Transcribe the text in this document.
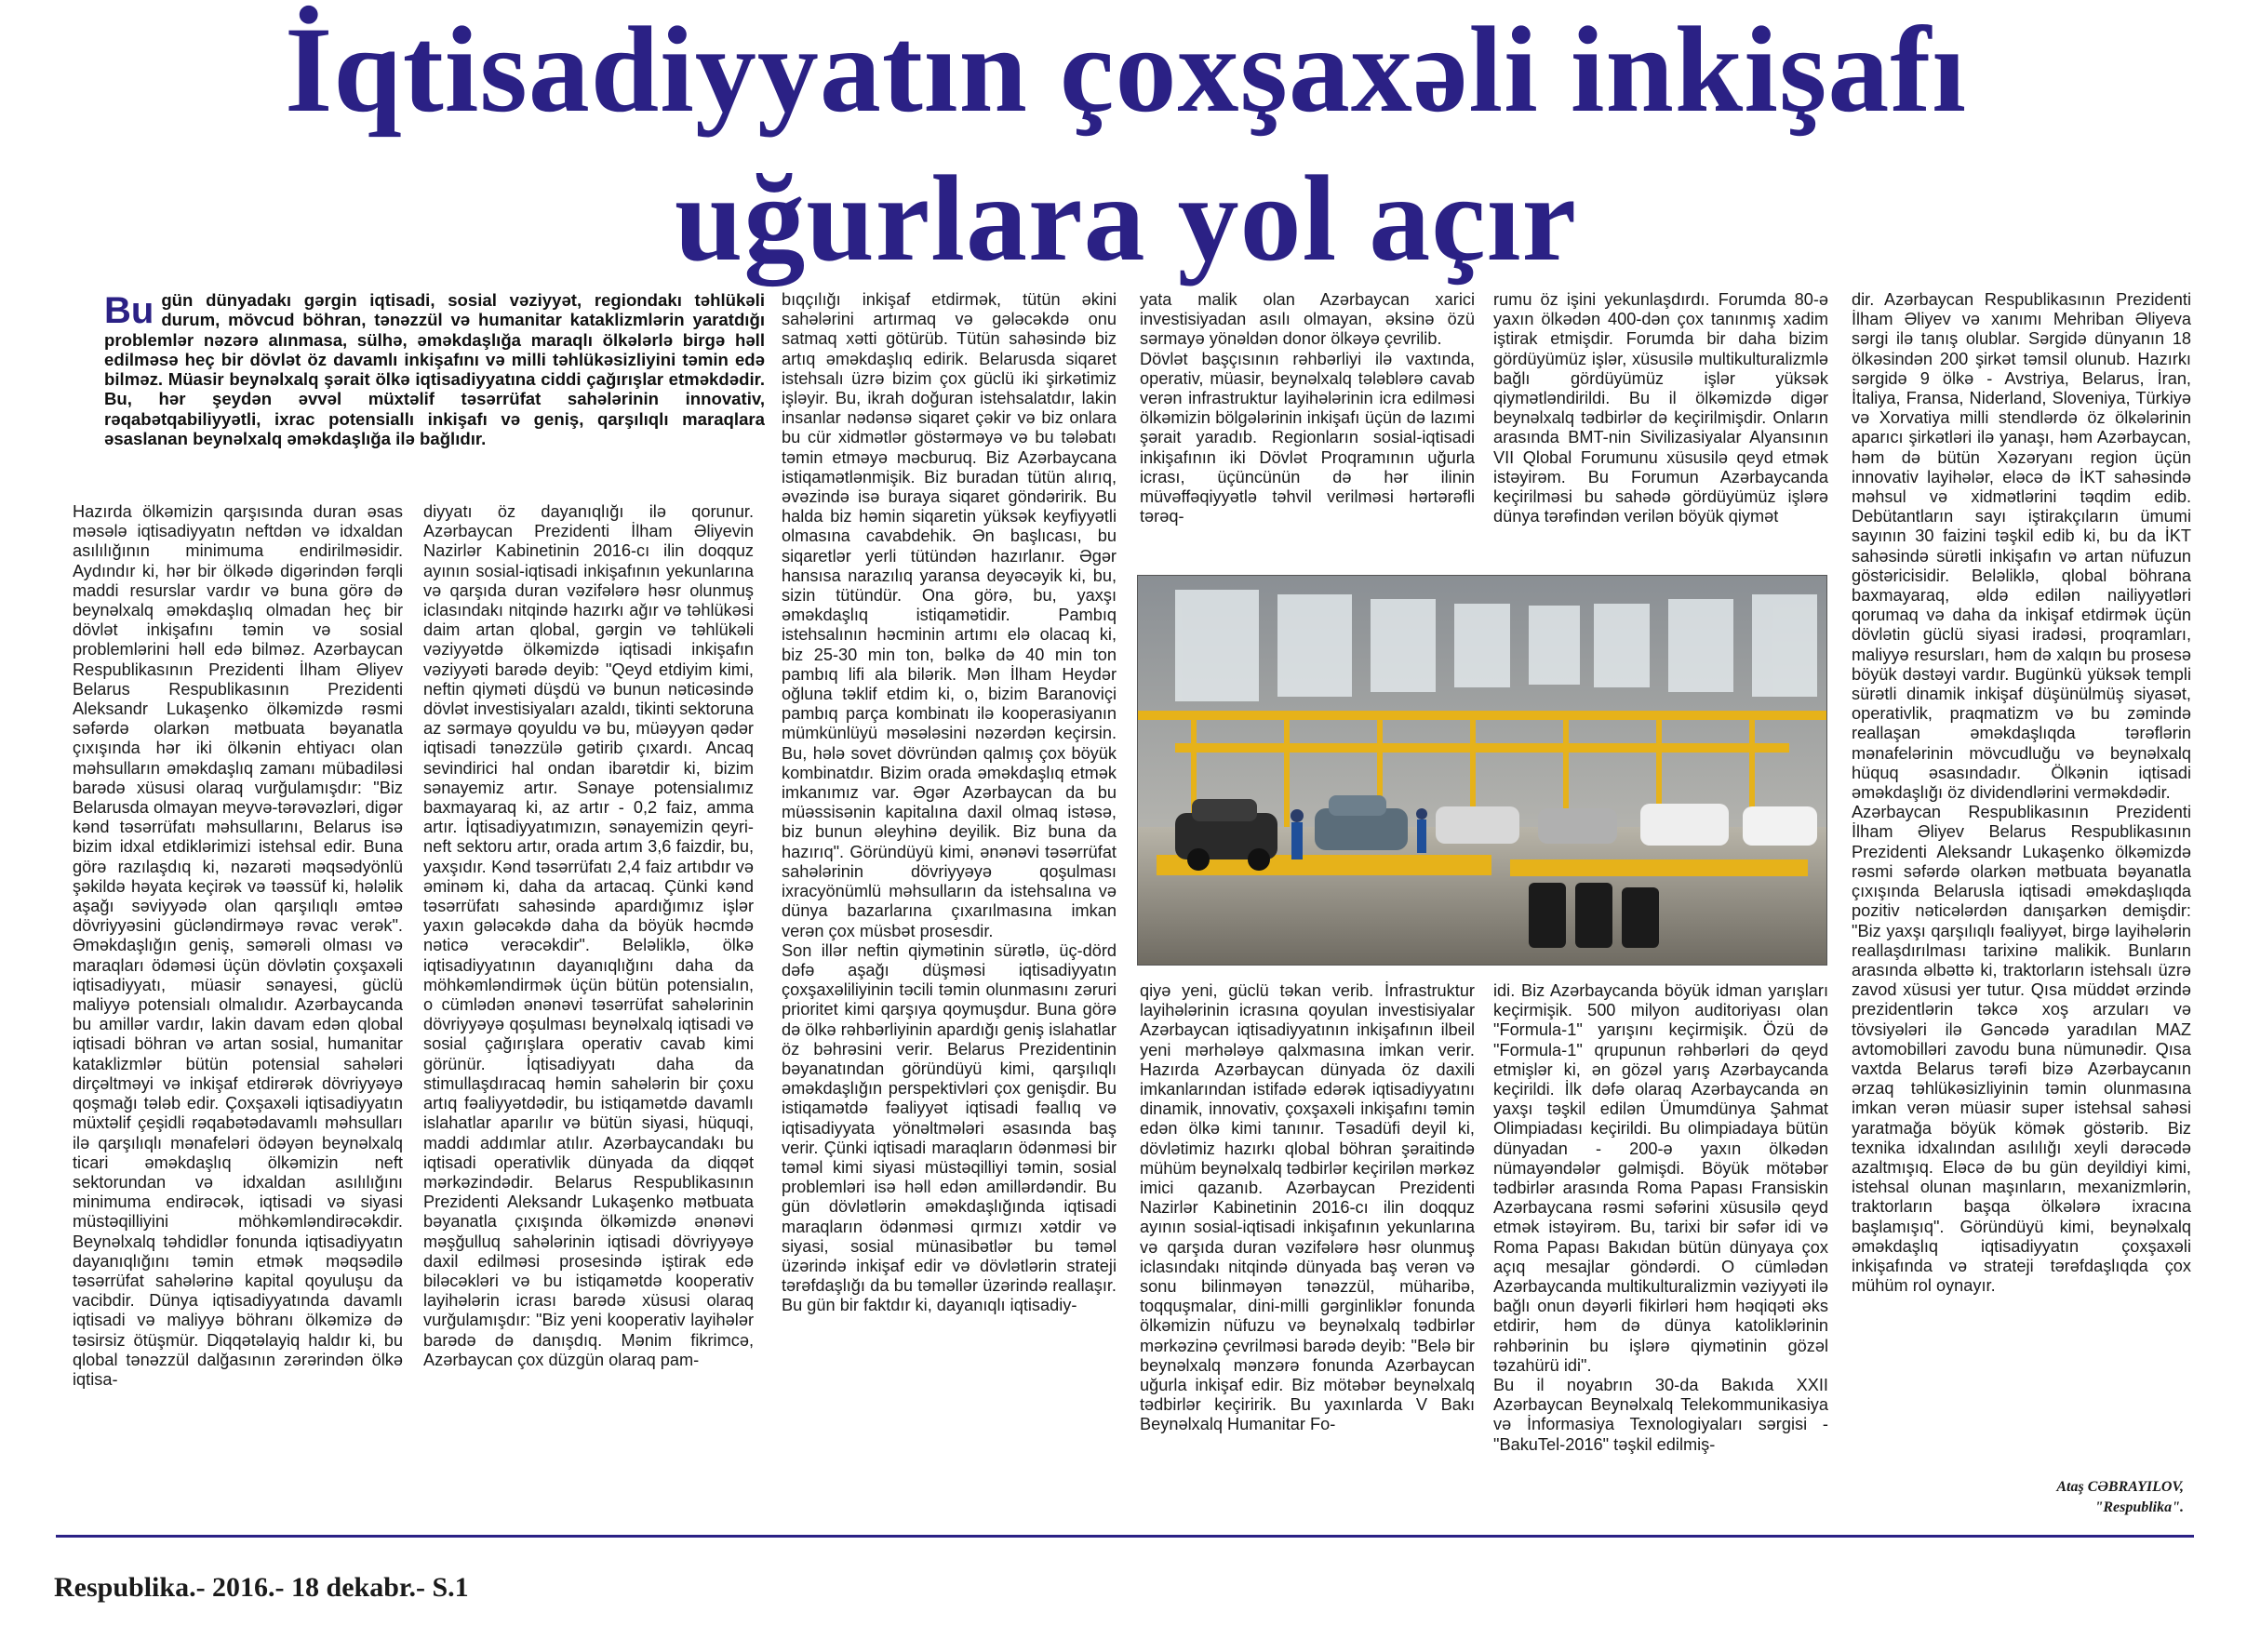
İqtisadiyyatın çoxşaxəli inkişafı
uğurlara yol açır
Bu gün dünyadakı gərgin iqtisadi, sosial vəziyyət, regiondakı təhlükəli durum, mövcud böhran, tənəzzül və humanitar kataklizmlərin yaratdığı problemlər nəzərə alınmasa, sülhə, əməkdaşlığa maraqlı ölkələrlə birgə həll edilməsə heç bir dövlət öz davamlı inkişafını və milli təhlükəsizliyini təmin edə bilməz. Müasir beynəlxalq şərait ölkə iqtisadiyyatına ciddi çağırışlar etməkdədir. Bu, hər şeydən əvvəl müxtəlif təsərrüfat sahələrinin innovativ, rəqabətqabiliyyətli, ixrac potensiallı inkişafı və geniş, qarşılıqlı maraqlara əsaslanan beynəlxalq əməkdaşlığa ilə bağlıdır.
Hazırda ölkəmizin qarşısında duran əsas məsələ iqtisadiyyatın neftdən və idxaldan asılılığının minimuma endirilməsidir. Aydındır ki, hər bir ölkədə digərindən fərqli maddi resurslar vardır və buna görə də beynəlxalq əməkdaşlıq olmadan heç bir dövlət inkişafını təmin və sosial problemlərini həll edə bilməz. Azərbaycan Respublikasının Prezidenti İlham Əliyev Belarus Respublikasının Prezidenti Aleksandr Lukaşenko ölkəmizdə rəsmi səfərdə olarkən mətbuata bəyanatla çıxışında hər iki ölkənin ehtiyacı olan məhsulların əməkdaşlıq zamanı mübadiləsi barədə xüsusi olaraq vurğulamışdır: "Biz Belarusda olmayan meyvə-tərəvəzləri, digər kənd təsərrüfatı məhsullarını, Belarus isə bizim idxal etdiklərimizi istehsal edir. Buna görə razılaşdıq ki, nəzarəti məqsədyönlü şəkildə həyata keçirək və təəssüf ki, hələlik aşağı səviyyədə olan qarşılıqlı əmtəə dövriyyəsini gücləndirməyə rəvac verək". Əməkdaşlığın geniş, səmərəli olması və maraqları ödəməsi üçün dövlətin çoxşaxəli iqtisadiyyatı, müasir sənayesi, güclü maliyyə potensialı olmalıdır. Azərbaycanda bu amillər vardır, lakin davam edən qlobal iqtisadi böhran və artan sosial, humanitar kataklizmlər bütün potensial sahələri dirçəltməyi və inkişaf etdirərək dövriyyəyə qoşmağı tələb edir. Çoxşaxəli iqtisadiyyatın müxtəlif çeşidli rəqabətədavamlı məhsulları ilə qarşılıqlı mənafeləri ödəyən beynəlxalq ticari əməkdaşlıq ölkəmizin neft sektorundan və idxaldan asılılığını minimuma endirəcək, iqtisadi və siyasi müstəqilliyini möhkəmləndirəcəkdir. Beynəlxalq təhdidlər fonunda iqtisadiyyatın dayanıqlığını təmin etmək məqsədilə təsərrüfat sahələrinə kapital qoyuluşu da vacibdir. Dünya iqtisadiyyatında davamlı iqtisadi və maliyyə böhranı ölkəmizə də təsirsiz ötüşmür. Diqqətəlayiq haldır ki, bu qlobal tənəzzül dalğasının zərərindən ölkə iqtisa-
diyyatı öz dayanıqlığı ilə qorunur. Azərbaycan Prezidenti İlham Əliyevin Nazirlər Kabinetinin 2016-cı ilin doqquz ayının sosial-iqtisadi inkişafının yekunlarına və qarşıda duran vəzifələrə həsr olunmuş iclasındakı nitqində hazırkı ağır və təhlükəsi daim artan qlobal, gərgin və təhlükəli vəziyyətdə ölkəmizdə iqtisadi inkişafın vəziyyəti barədə deyib: "Qeyd etdiyim kimi, neftin qiyməti düşdü və bunun nəticəsində dövlət investisiyaları azaldı, tikinti sektoruna az sərmayə qoyuldu və bu, müəyyən qədər iqtisadi tənəzzülə gətirib çıxardı. Ancaq sevindirici hal ondan ibarətdir ki, bizim sənayemiz artır. Sənaye potensialımız baxmayaraq ki, az artır - 0,2 faiz, amma artır. İqtisadiyyatımızın, sənayemizin qeyri-neft sektoru artır, orada artım 3,6 faizdir, bu, yaxşıdır. Kənd təsərrüfatı 2,4 faiz artıbdır və əminəm ki, daha da artacaq. Çünki kənd təsərrüfatı sahəsində apardığımız işlər yaxın gələcəkdə daha da böyük həcmdə nəticə verəcəkdir". Beləliklə, ölkə iqtisadiyyatının dayanıqlığını daha da möhkəmləndirmək üçün bütün potensialın, o cümlədən ənənəvi təsərrüfat sahələrinin dövriyyəyə qoşulması beynəlxalq iqtisadi və sosial çağırışlara operativ cavab kimi görünür. İqtisadiyyatı daha da stimullaşdıracaq həmin sahələrin bir çoxu artıq fəaliyyətdədir, bu istiqamətdə davamlı islahatlar aparılır və bütün siyasi, hüquqi, maddi addımlar atılır. Azərbaycandakı bu iqtisadi operativlik dünyada da diqqət mərkəzindədir. Belarus Respublikasının Prezidenti Aleksandr Lukaşenko mətbuata bəyanatla çıxışında ölkəmizdə ənənəvi məşğulluq sahələrinin iqtisadi dövriyyəyə daxil edilməsi prosesində iştirak edə biləcəkləri və bu istiqamətdə kooperativ layihələrin icrası barədə xüsusi olaraq vurğulamışdır: "Biz yeni kooperativ layihələr barədə də danışdıq. Mənim fikrimcə, Azərbaycan çox düzgün olaraq pam-
bıqçılığı inkişaf etdirmək, tütün əkini sahələrini artırmaq və gələcəkdə onu satmaq xətti götürüb. Tütün sahəsində biz artıq əməkdaşlıq edirik. Belarusda siqaret istehsalı üzrə bizim çox güclü iki şirkətimiz işləyir. Bu, ikrah doğuran istehsalatdır, lakin insanlar nədənsə siqaret çəkir və biz onlara bu cür xidmətlər göstərməyə və bu tələbatı təmin etməyə məcburuq. Biz Azərbaycana istiqamətlənmişik. Biz buradan tütün alırıq, əvəzində isə buraya siqaret göndəririk. Bu halda biz həmin siqaretin yüksək keyfiyyətli olmasına cavabdehik. Ən başlıcası, bu siqaretlər yerli tütündən hazırlanır. Əgər hansısa narazılıq yaransa deyəcəyik ki, bu, sizin tütündür. Ona görə, bu, yaxşı əməkdaşlıq istiqamətidir. Pambıq istehsalının həcminin artımı elə olacaq ki, biz 25-30 min ton, bəlkə də 40 min ton pambıq lifi ala bilərik. Mən İlham Heydər oğluna təklif etdim ki, o, bizim Baranoviçi pambıq parça kombinatı ilə kooperasiyanın mümkünlüyü məsələsini nəzərdən keçirsin. Bu, hələ sovet dövründən qalmış çox böyük kombinatdır. Bizim orada əməkdaşlıq etmək imkanımız var. Əgər Azərbaycan da bu müəssisənin kapitalına daxil olmaq istəsə, biz bunun əleyhinə deyilik. Biz buna da hazırıq". Göründüyü kimi, ənənəvi təsərrüfat sahələrinin dövriyyəyə qoşulması ixracyönümlü məhsulların da istehsalına və dünya bazarlarına çıxarılmasına imkan verən çox müsbət prosesdir.
Son illər neftin qiymətinin sürətlə, üç-dörd dəfə aşağı düşməsi iqtisadiyyatın çoxşaxəliliyinin təcili təmin olunmasını zəruri prioritet kimi qarşıya qoymuşdur. Buna görə də ölkə rəhbərliyinin apardığı geniş islahatlar öz bəhrəsini verir. Belarus Prezidentinin bəyanatından göründüyü kimi, qarşılıqlı əməkdaşlığın perspektivləri çox genişdir. Bu istiqamətdə fəaliyyət iqtisadi fəallıq və iqtisadiyyata yönəltmələri əsasında baş verir. Çünki iqtisadi maraqların ödənməsi bir təməl kimi siyasi müstəqilliyi təmin, sosial problemləri isə həll edən amillərdəndir. Bu gün dövlətlərin əməkdaşlığında iqtisadi maraqların ödənməsi qırmızı xətdir və siyasi, sosial münasibətlər bu təməl üzərində inkişaf edir və dövlətlərin strateji tərəfdaşlığı da bu təməllər üzərində reallaşır. Bu gün bir faktdır ki, dayanıqlı iqtisadiy-
yata malik olan Azərbaycan xarici investisiyadan asılı olmayan, əksinə özü sərmayə yönəldən donor ölkəyə çevrilib.
Dövlət başçısının rəhbərliyi ilə vaxtında, operativ, müasir, beynəlxalq tələblərə cavab verən infrastruktur layihələrinin icra edilməsi ölkəmizin bölgələrinin inkişafı üçün də lazımi şərait yaradıb. Regionların sosial-iqtisadi inkişafının iki Dövlət Proqramının uğurla icrası, üçüncünün də hər ilinin müvəffəqiyyətlə təhvil verilməsi hərtərəfli tərəq-
qiyə yeni, güclü təkan verib. İnfrastruktur layihələrinin icrasına qoyulan investisiyalar Azərbaycan iqtisadiyyatının inkişafının ilbeil yeni mərhələyə qalxmasına imkan verir. Hazırda Azərbaycan dünyada öz daxili imkanlarından istifadə edərək iqtisadiyyatını dinamik, innovativ, çoxşaxəli inkişafını təmin edən ölkə kimi tanınır. Təsadüfi deyil ki, dövlətimiz hazırkı qlobal böhran şəraitində mühüm beynəlxalq tədbirlər keçirilən mərkəz imici qazanıb. Azərbaycan Prezidenti Nazirlər Kabinetinin 2016-cı ilin doqquz ayının sosial-iqtisadi inkişafının yekunlarına və qarşıda duran vəzifələrə həsr olunmuş iclasındakı nitqində dünyada baş verən və sonu bilinməyən tənəzzül, müharibə, toqquşmalar, dini-milli gərginliklər fonunda ölkəmizin nüfuzu və beynəlxalq tədbirlər mərkəzinə çevrilməsi barədə deyib: "Belə bir beynəlxalq mənzərə fonunda Azərbaycan uğurla inkişaf edir. Biz mötəbər beynəlxalq tədbirlər keçiririk. Bu yaxınlarda V Bakı Beynəlxalq Humanitar Fo-
rumu öz işini yekunlaşdırdı. Forumda 80-ə yaxın ölkədən 400-dən çox tanınmış xadim iştirak etmişdir. Forumda bir daha bizim gördüyümüz işlər, xüsusilə multikulturalizmlə bağlı gördüyümüz işlər yüksək qiymətləndirildi. Bu il ölkəmizdə digər beynəlxalq tədbirlər də keçirilmişdir. Onların arasında BMT-nin Sivilizasiyalar Alyansının VII Qlobal Forumunu xüsusilə qeyd etmək istəyirəm. Bu Forumun Azərbaycanda keçirilməsi bu sahədə gördüyümüz işlərə dünya tərəfindən verilən böyük qiymət
idi. Biz Azərbaycanda böyük idman yarışları keçirmişik. 500 milyon auditoriyası olan "Formula-1" yarışını keçirmişik. Özü də "Formula-1" qrupunun rəhbərləri də qeyd etmişlər ki, ən gözəl yarış Azərbaycanda keçirildi. İlk dəfə olaraq Azərbaycanda ən yaxşı təşkil edilən Ümumdünya Şahmat Olimpiadası keçirildi. Bu olimpiadaya bütün dünyadan - 200-ə yaxın ölkədən nümayəndələr gəlmişdi. Böyük mötəbər tədbirlər arasında Roma Papası Fransiskin Azərbaycana rəsmi səfərini xüsusilə qeyd etmək istəyirəm. Bu, tarixi bir səfər idi və Roma Papası Bakıdan bütün dünyaya çox açıq mesajlar göndərdi. O cümlədən Azərbaycanda multikulturalizmin vəziyyəti ilə bağlı onun dəyərli fikirləri həm həqiqəti əks etdirir, həm də dünya katoliklərinin rəhbərinin bu işlərə qiymətinin gözəl təzahürü idi".
Bu il noyabrın 30-da Bakıda XXII Azərbaycan Beynəlxalq Telekommunikasiya və İnformasiya Texnologiyaları sərgisi - "BakuTel-2016" təşkil edilmiş-
dir. Azərbaycan Respublikasının Prezidenti İlham Əliyev və xanımı Mehriban Əliyeva sərgi ilə tanış olublar. Sərgidə dünyanın 18 ölkəsindən 200 şirkət təmsil olunub. Hazırkı sərgidə 9 ölkə - Avstriya, Belarus, İran, İtaliya, Fransa, Niderland, Sloveniya, Türkiyə və Xorvatiya milli stendlərdə öz ölkələrinin aparıcı şirkətləri ilə yanaşı, həm Azərbaycan, həm də bütün Xəzəryanı region üçün innovativ layihələr, eləcə də İKT sahəsində məhsul və xidmətlərini təqdim edib. Debütantların sayı iştirakçıların ümumi sayının 30 faizini təşkil edib ki, bu da İKT sahəsində sürətli inkişafın və artan nüfuzun göstəricisidir. Beləliklə, qlobal böhrana baxmayaraq, əldə edilən nailiyyətləri qorumaq və daha da inkişaf etdirmək üçün dövlətin güclü siyasi iradəsi, proqramları, maliyyə resursları, həm də xalqın bu prosesə böyük dəstəyi vardır. Bugünkü yüksək templi sürətli dinamik inkişaf düşünülmüş siyasət, operativlik, praqmatizm və bu zəmində reallaşan əməkdaşlıqda tərəflərin mənafelərinin mövcudluğu və beynəlxalq hüquq əsasındadır. Ölkənin iqtisadi əməkdaşlığı öz dividendlərini verməkdədir.
Azərbaycan Respublikasının Prezidenti İlham Əliyev Belarus Respublikasının Prezidenti Aleksandr Lukaşenko ölkəmizdə rəsmi səfərdə olarkən mətbuata bəyanatla çıxışında Belarusla iqtisadi əməkdaşlıqda pozitiv nəticələrdən danışarkən demişdir: "Biz yaxşı qarşılıqlı fəaliyyət, birgə layihələrin reallaşdırılması tarixinə malikik. Bunların arasında əlbəttə ki, traktorların istehsalı üzrə zavod xüsusi yer tutur. Qısa müddət ərzində prezidentlərin təkcə xoş arzuları və tövsiyələri ilə Gəncədə yaradılan MAZ avtomobilləri zavodu buna nümunədir. Qısa vaxtda Belarus tərəfi bizə Azərbaycanın ərzaq təhlükəsizliyinin təmin olunmasına imkan verən müasir super istehsal sahəsi yaratmağa böyük kömək göstərib. Biz texnika idxalından asılılığı xeyli dərəcədə azaltmışıq. Eləcə də bu gün deyildiyi kimi, istehsal olunan maşınların, mexanizmlərin, traktorların başqa ölkələrə ixracına başlamışıq". Göründüyü kimi, beynəlxalq əməkdaşlıq iqtisadiyyatın çoxşaxəli inkişafında və strateji tərəfdaşlıqda çox mühüm rol oynayır.
Ataş CƏBRAYILOV,
"Respublika".
Respublika.- 2016.- 18 dekabr.- S.1
